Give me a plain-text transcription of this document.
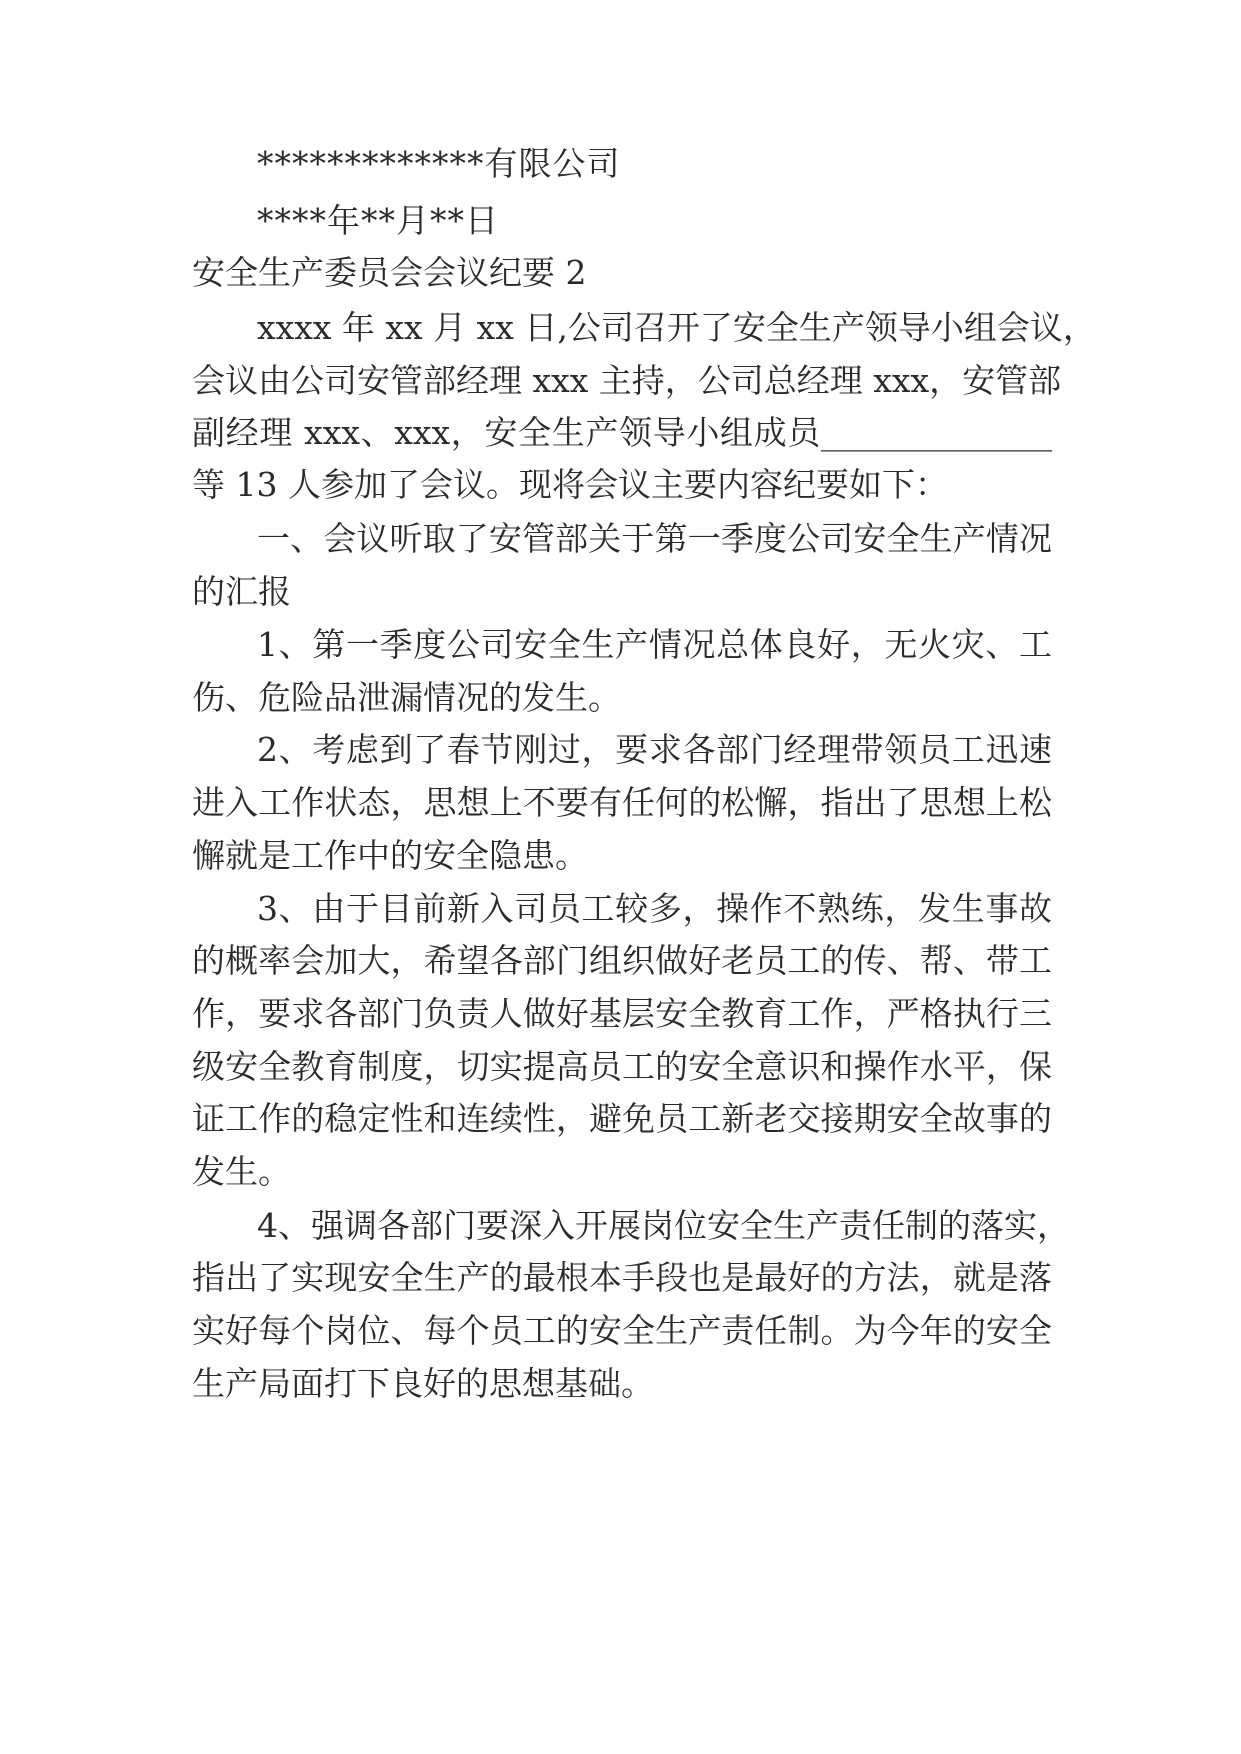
*************有限公司
****年**月**日
安全生产委员会会议纪要 2
xxxx 年 xx 月 xx 日,公司召开了安全生产领导小组会议，
会议由公司安管部经理 xxx 主持，公司总经理 xxx，安管部
副经理 xxx、xxx，安全生产领导小组成员______________
等 13 人参加了会议。现将会议主要内容纪要如下：
一、会议听取了安管部关于第一季度公司安全生产情况
的汇报
1、第一季度公司安全生产情况总体良好，无火灾、工
伤、危险品泄漏情况的发生。
2、考虑到了春节刚过，要求各部门经理带领员工迅速
进入工作状态，思想上不要有任何的松懈，指出了思想上松
懈就是工作中的安全隐患。
3、由于目前新入司员工较多，操作不熟练，发生事故
的概率会加大，希望各部门组织做好老员工的传、帮、带工
作，要求各部门负责人做好基层安全教育工作，严格执行三
级安全教育制度，切实提高员工的安全意识和操作水平，保
证工作的稳定性和连续性，避免员工新老交接期安全故事的
发生。
4、强调各部门要深入开展岗位安全生产责任制的落实，
指出了实现安全生产的最根本手段也是最好的方法，就是落
实好每个岗位、每个员工的安全生产责任制。为今年的安全
生产局面打下良好的思想基础。
